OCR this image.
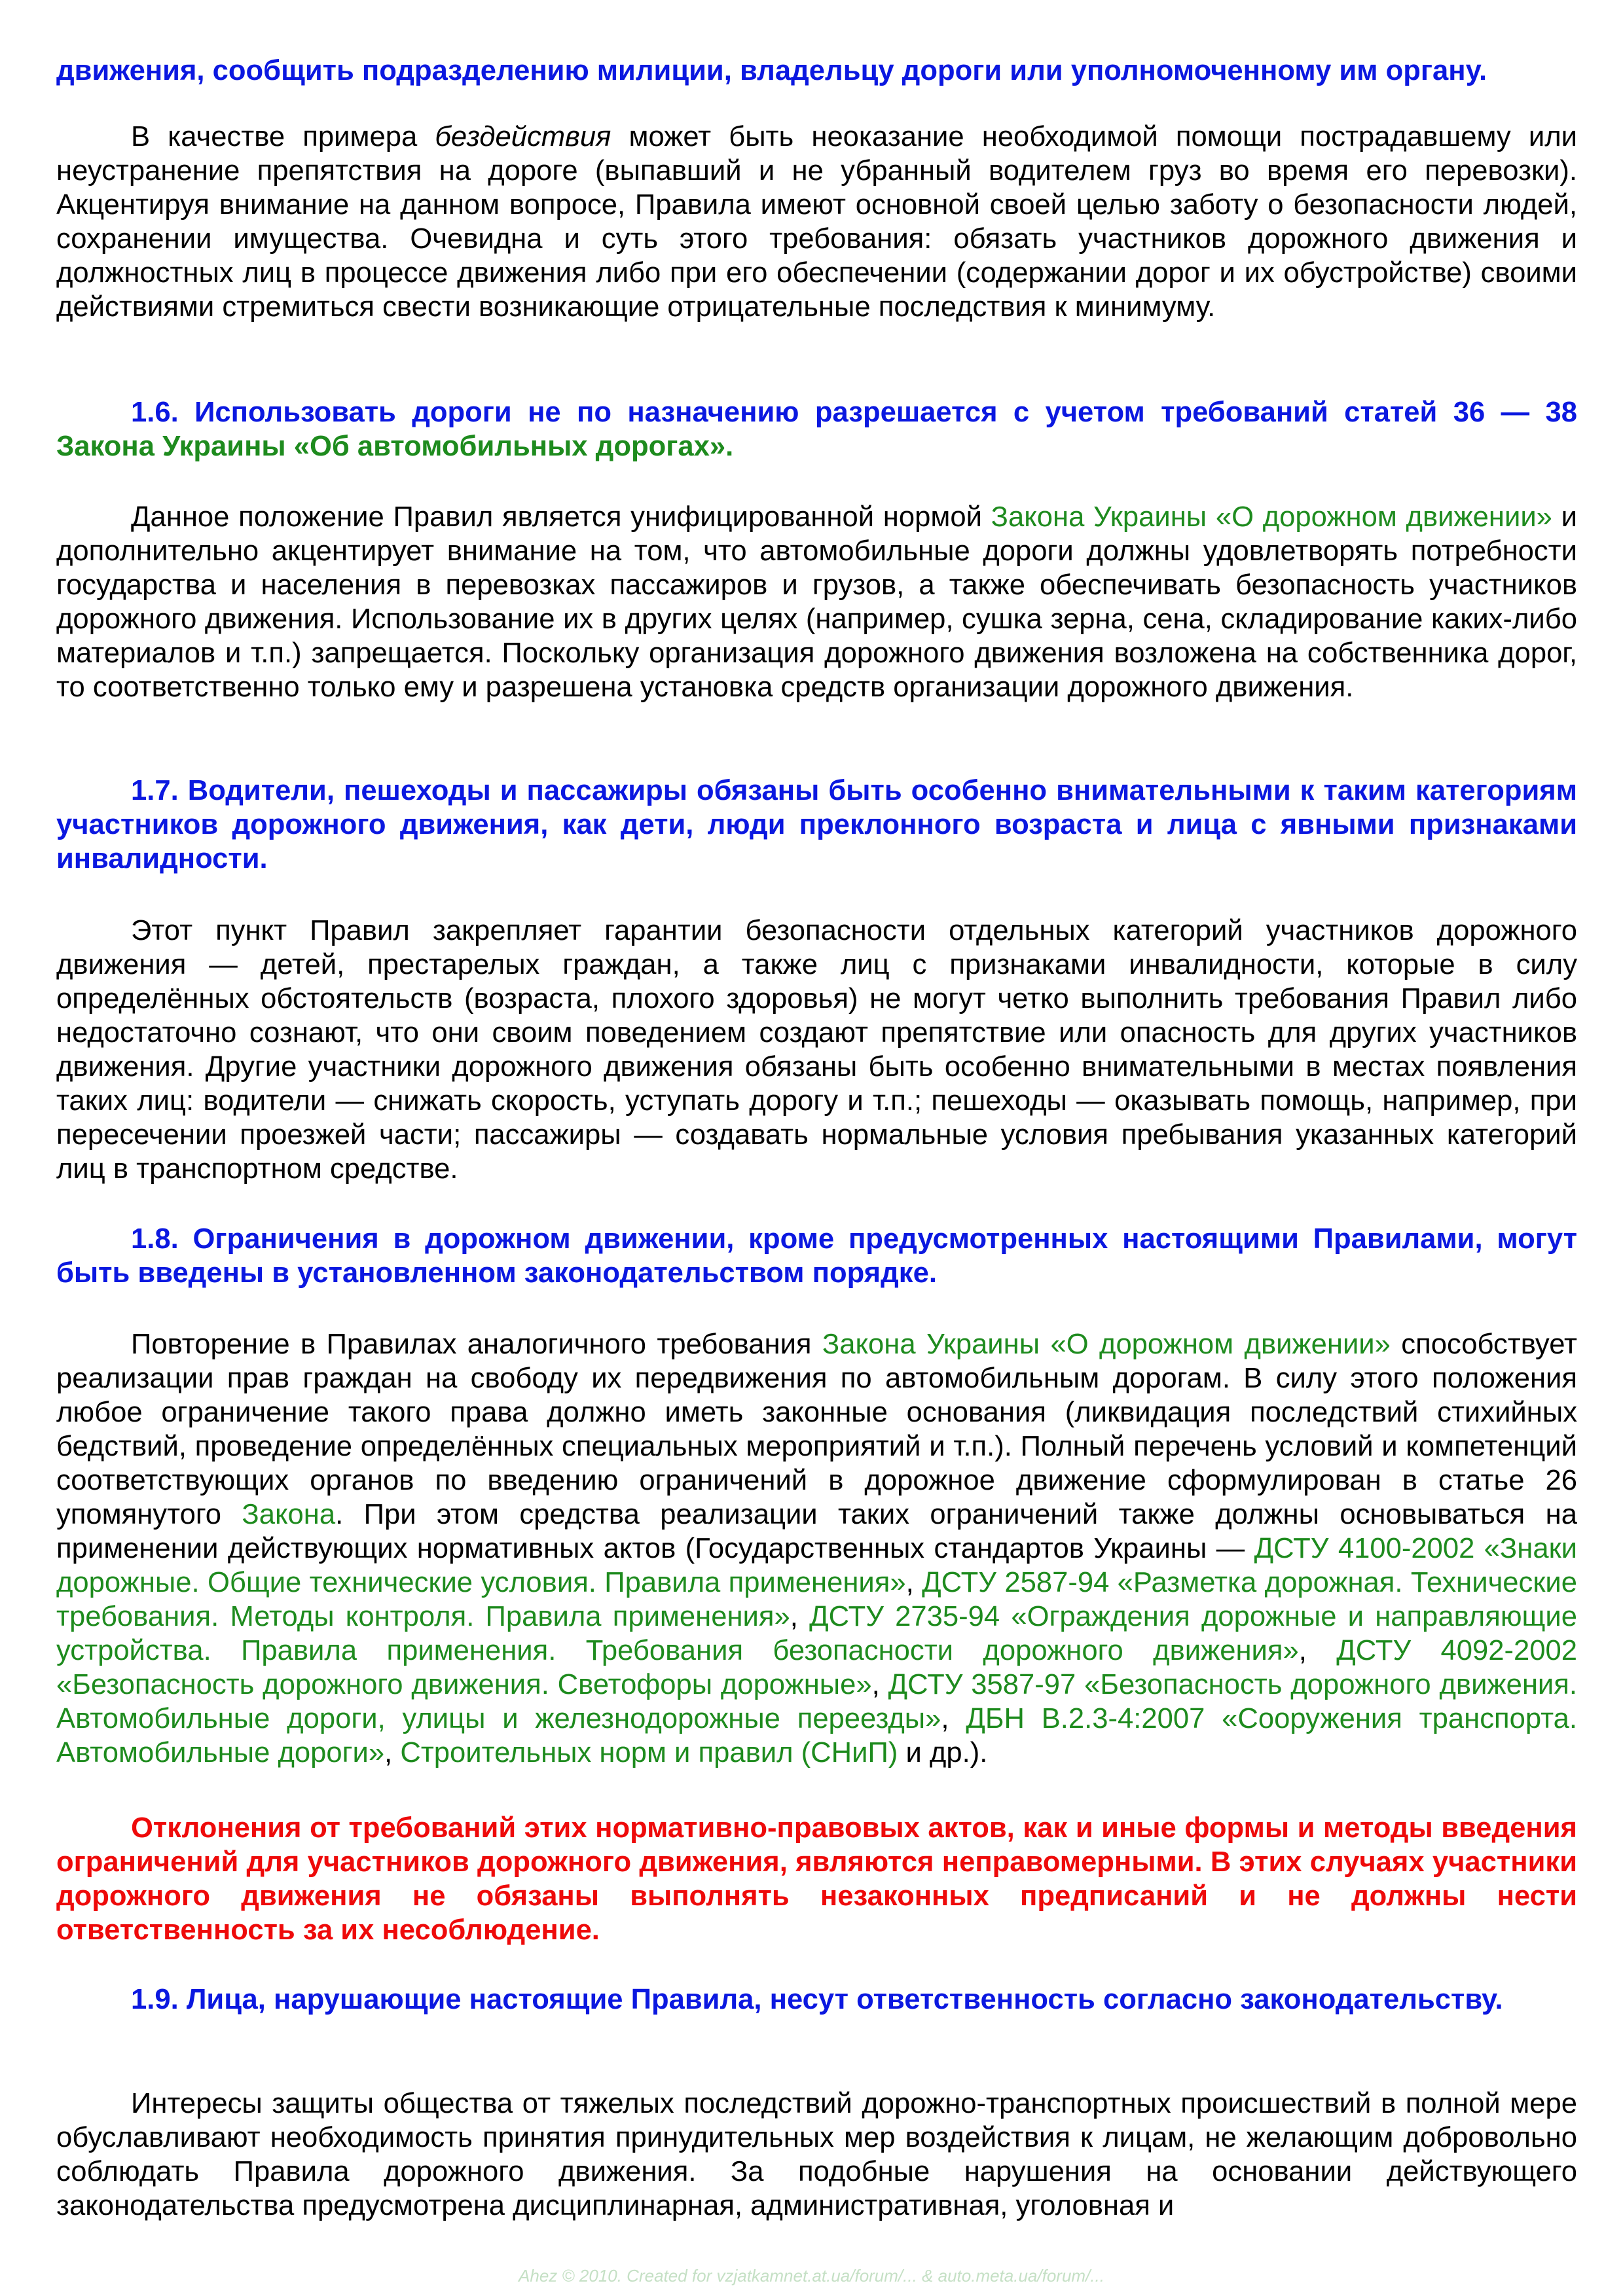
движения, сообщить подразделению милиции, владельцу дороги или уполномоченному им органу.
В качестве примера бездействия может быть неоказание необходимой помощи пострадавшему или неустранение препятствия на дороге (выпавший и не убранный водителем груз во время его перевозки). Акцентируя внимание на данном вопросе, Правила имеют основной своей целью заботу о безопасности людей, сохранении имущества. Очевидна и суть этого требования: обязать участников дорожного движения и должностных лиц в процессе движения либо при его обеспечении (содержании дорог и их обустройстве) своими действиями стремиться свести возникающие отрицательные последствия к минимуму.
1.6. Использовать дороги не по назначению разрешается с учетом требований статей 36 — 38 Закона Украины «Об автомобильных дорогах».
Данное положение Правил является унифицированной нормой Закона Украины «О дорожном движении» и дополнительно акцентирует внимание на том, что автомобильные дороги должны удовлетворять потребности государства и населения в перевозках пассажиров и грузов, а также обеспечивать безопасность участников дорожного движения. Использование их в других целях (например, сушка зерна, сена, складирование каких-либо материалов и т.п.) запрещается. Поскольку организация дорожного движения возложена на собственника дорог, то соответственно только ему и разрешена установка средств организации дорожного движения.
1.7. Водители, пешеходы и пассажиры обязаны быть особенно внимательными к таким категориям участников дорожного движения, как дети, люди преклонного возраста и лица с явными признаками инвалидности.
Этот пункт Правил закрепляет гарантии безопасности отдельных категорий участников дорожного движения — детей, престарелых граждан, а также лиц с признаками инвалидности, которые в силу определённых обстоятельств (возраста, плохого здоровья) не могут четко выполнить требования Правил либо недостаточно сознают, что они своим поведением создают препятствие или опасность для других участников движения. Другие участники дорожного движения обязаны быть особенно внимательными в местах появления таких лиц: водители — снижать скорость, уступать дорогу и т.п.; пешеходы — оказывать помощь, например, при пересечении проезжей части; пассажиры — создавать нормальные условия пребывания указанных категорий лиц в транспортном средстве.
1.8. Ограничения в дорожном движении, кроме предусмотренных настоящими Правилами, могут быть введены в установленном законодательством порядке.
Повторение в Правилах аналогичного требования Закона Украины «О дорожном движении» способствует реализации прав граждан на свободу их передвижения по автомобильным дорогам. В силу этого положения любое ограничение такого права должно иметь законные основания (ликвидация последствий стихийных бедствий, проведение определённых специальных мероприятий и т.п.). Полный перечень условий и компетенций соответствующих органов по введению ограничений в дорожное движение сформулирован в статье 26 упомянутого Закона. При этом средства реализации таких ограничений также должны основываться на применении действующих нормативных актов (Государственных стандартов Украины — ДСТУ 4100-2002 «Знаки дорожные. Общие технические условия. Правила применения», ДСТУ 2587-94 «Разметка дорожная. Технические требования. Методы контроля. Правила применения», ДСТУ 2735-94 «Ограждения дорожные и направляющие устройства. Правила применения. Требования безопасности дорожного движения», ДСТУ 4092-2002 «Безопасность дорожного движения. Светофоры дорожные», ДСТУ 3587-97 «Безопасность дорожного движения. Автомобильные дороги, улицы и железнодорожные переезды», ДБН В.2.3-4:2007 «Сооружения транспорта. Автомобильные дороги», Строительных норм и правил (СНиП) и др.).
Отклонения от требований этих нормативно-правовых актов, как и иные формы и методы введения ограничений для участников дорожного движения, являются неправомерными. В этих случаях участники дорожного движения не обязаны выполнять незаконных предписаний и не должны нести ответственность за их несоблюдение.
1.9. Лица, нарушающие настоящие Правила, несут ответственность согласно законодательству.
Интересы защиты общества от тяжелых последствий дорожно-транспортных происшествий в полной мере обуславливают необходимость принятия принудительных мер воздействия к лицам, не желающим добровольно соблюдать Правила дорожного движения. За подобные нарушения на основании действующего законодательства предусмотрена дисциплинарная, административная, уголовная и
Ahez © 2010. Created for vzjatkamnet.at.ua/forum/... & auto.meta.ua/forum/...
